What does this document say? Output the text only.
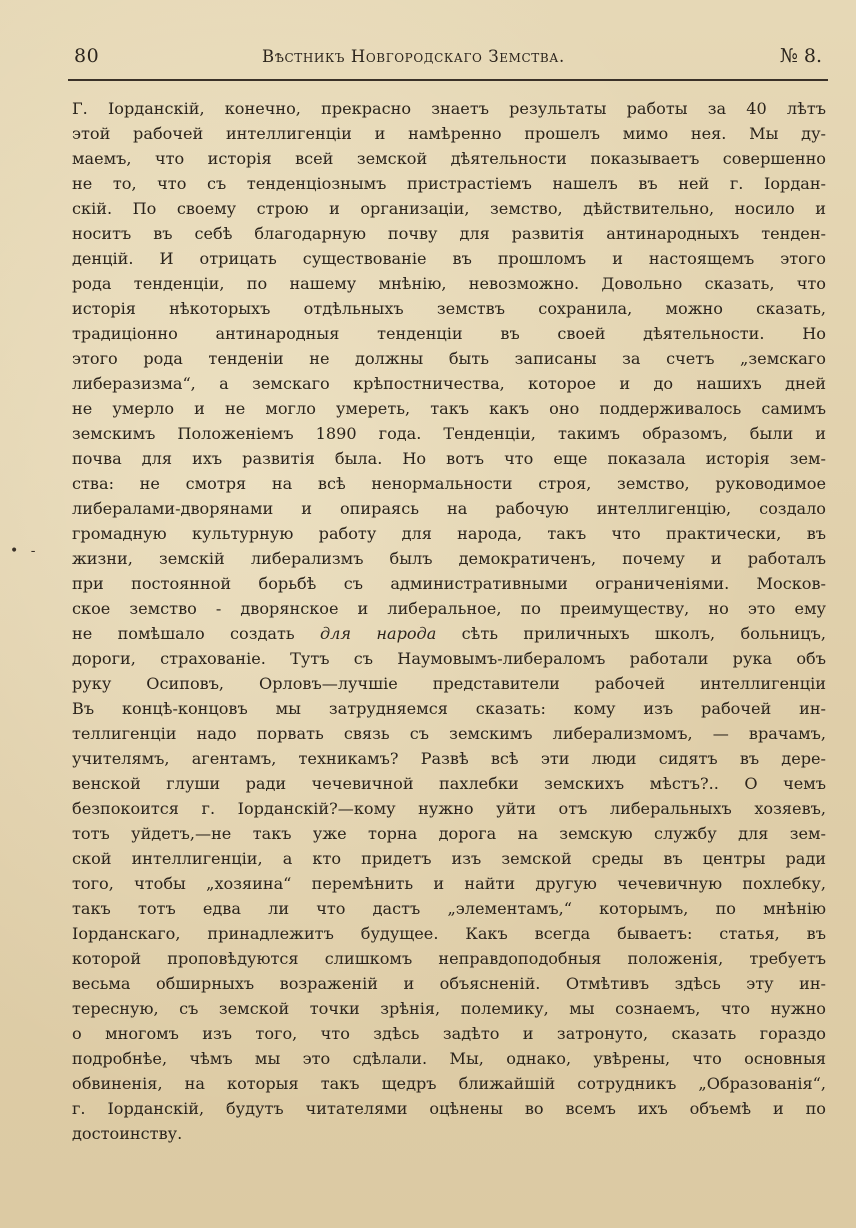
80	Вѣстникъ Новгородскаго Земства.	№ 8.
• -
Г. Іорданскій, конечно, прекрасно знаетъ результаты работы за 40 лѣтъ
этой рабочей интеллигенціи и намѣренно прошелъ мимо нея. Мы ду-
маемъ, что исторія всей земской дѣятельности показываетъ совершенно
не то, что съ тенденціознымъ пристрастіемъ нашелъ въ ней г. Іордан-
скій. По своему строю и организаціи, земство, дѣйствительно, носило и
носитъ въ себѣ благодарную почву для развитія антинародныхъ тенден-
денцій. И отрицать существованіе въ прошломъ и настоящемъ этого
рода тенденціи, по нашему мнѣнію, невозможно. Довольно сказать, что
исторія нѣкоторыхъ отдѣльныхъ земствъ сохранила, можно сказать,
традиціонно антинародныя тенденціи въ своей дѣятельности. Но
этого рода тенденіи не должны быть записаны за счетъ „земскаго
либеразизма“, а земскаго крѣпостничества, которое и до нашихъ дней
не умерло и не могло умереть, такъ какъ оно поддерживалось самимъ
земскимъ Положеніемъ 1890 года. Тенденціи, такимъ образомъ, были и
почва для ихъ развитія была. Но вотъ что еще показала исторія зем-
ства: не смотря на всѣ ненормальности строя, земство, руководимое
либералами-дворянами и опираясь на рабочую интеллигенцію, создало
громадную культурную работу для народа, такъ что практически, въ
жизни, земскій либерализмъ былъ демократиченъ, почему и работалъ
при постоянной борьбѣ съ административными ограниченіями. Москов-
ское земство - дворянское и либеральное, по преимуществу, но это ему
не помѣшало создать для народа сѣть приличныхъ школъ, больницъ,
дороги, страхованіе. Тутъ съ Наумовымъ-либераломъ работали рука объ
руку Осиповъ, Орловъ—лучшіе представители рабочей интеллигенціи
Въ концѣ-концовъ мы затрудняемся сказать: кому изъ рабочей ин-
теллигенціи надо порвать связь съ земскимъ либерализмомъ, — врачамъ,
учителямъ, агентамъ, техникамъ? Развѣ всѣ эти люди сидятъ въ дере-
венской глуши ради чечевичной пахлебки земскихъ мѣстъ?.. О чемъ
безпокоится г. Іорданскій?—кому нужно уйти отъ либеральныхъ хозяевъ,
тотъ уйдетъ,—не такъ уже торна дорога на земскую службу для зем-
ской интеллигенціи, а кто придетъ изъ земской среды въ центры ради
того, чтобы „хозяина“ перемѣнить и найти другую чечевичную похлебку,
такъ тотъ едва ли что дастъ „элементамъ,“ которымъ, по мнѣнію
Іорданскаго, принадлежитъ будущее. Какъ всегда бываетъ: статья, въ
которой проповѣдуются слишкомъ неправдоподобныя положенія, требуетъ
весьма обширныхъ возраженій и объясненій. Отмѣтивъ здѣсь эту ин-
тересную, съ земской точки зрѣнія, полемику, мы сознаемъ, что нужно
о многомъ изъ того, что здѣсь задѣто и затронуто, сказать гораздо
подробнѣе, чѣмъ мы это сдѣлали. Мы, однако, увѣрены, что основныя
обвиненія, на которыя такъ щедръ ближайшій сотрудникъ „Образованія“,
г. Іорданскій, будутъ читателями оцѣнены во всемъ ихъ объемѣ и по
достоинству.
